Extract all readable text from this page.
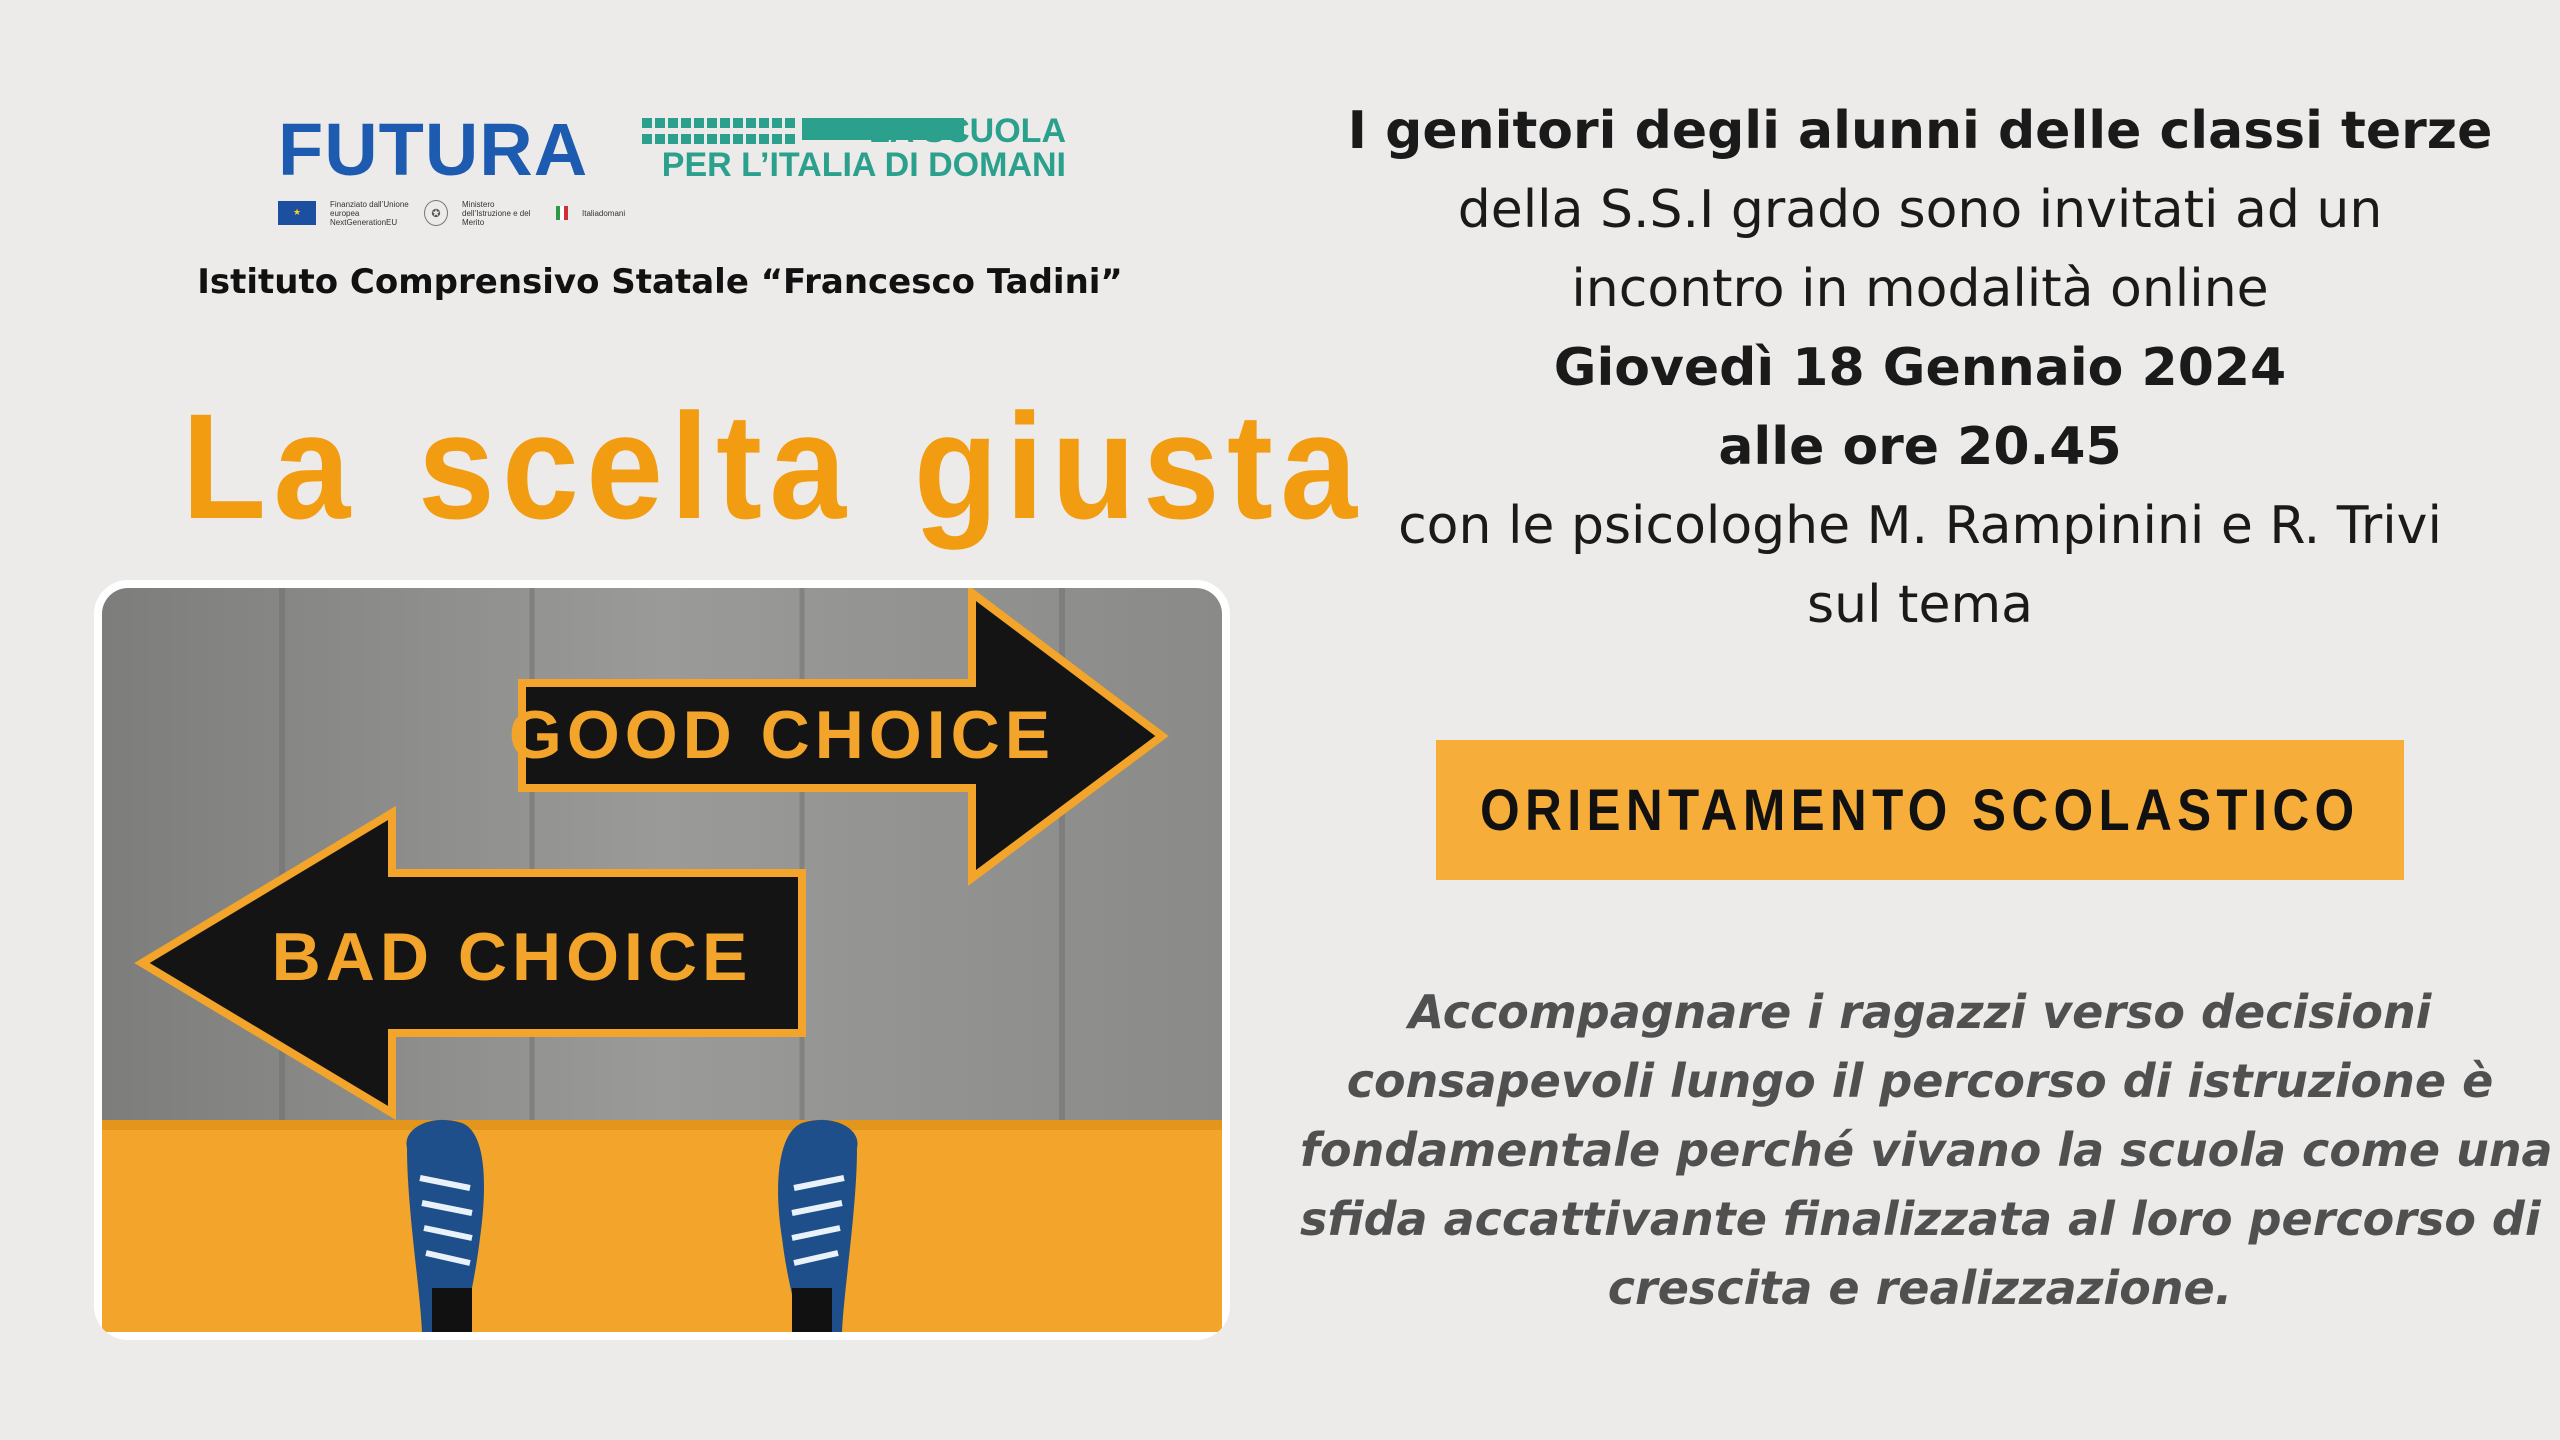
FUTURA	LA SCUOLA
PER L’ITALIA DI DOMANI
★
Finanziato dall’Unione europea NextGenerationEU
✪
Ministero dell’Istruzione e del Merito
Italiadomani
Istituto Comprensivo Statale “Francesco Tadini”
La scelta giusta
GOOD CHOICE
BAD CHOICE
I genitori degli alunni delle classi terze
della S.S.I grado sono invitati ad un
incontro in modalità online
Giovedì 18 Gennaio 2024
alle ore 20.45
con le psicologhe M. Rampinini e R. Trivi
sul tema
ORIENTAMENTO SCOLASTICO
Accompagnare i ragazzi verso decisioni
consapevoli lungo il percorso di istruzione è
fondamentale perché vivano la scuola come una
sfida accattivante finalizzata al loro percorso di
crescita e realizzazione.
